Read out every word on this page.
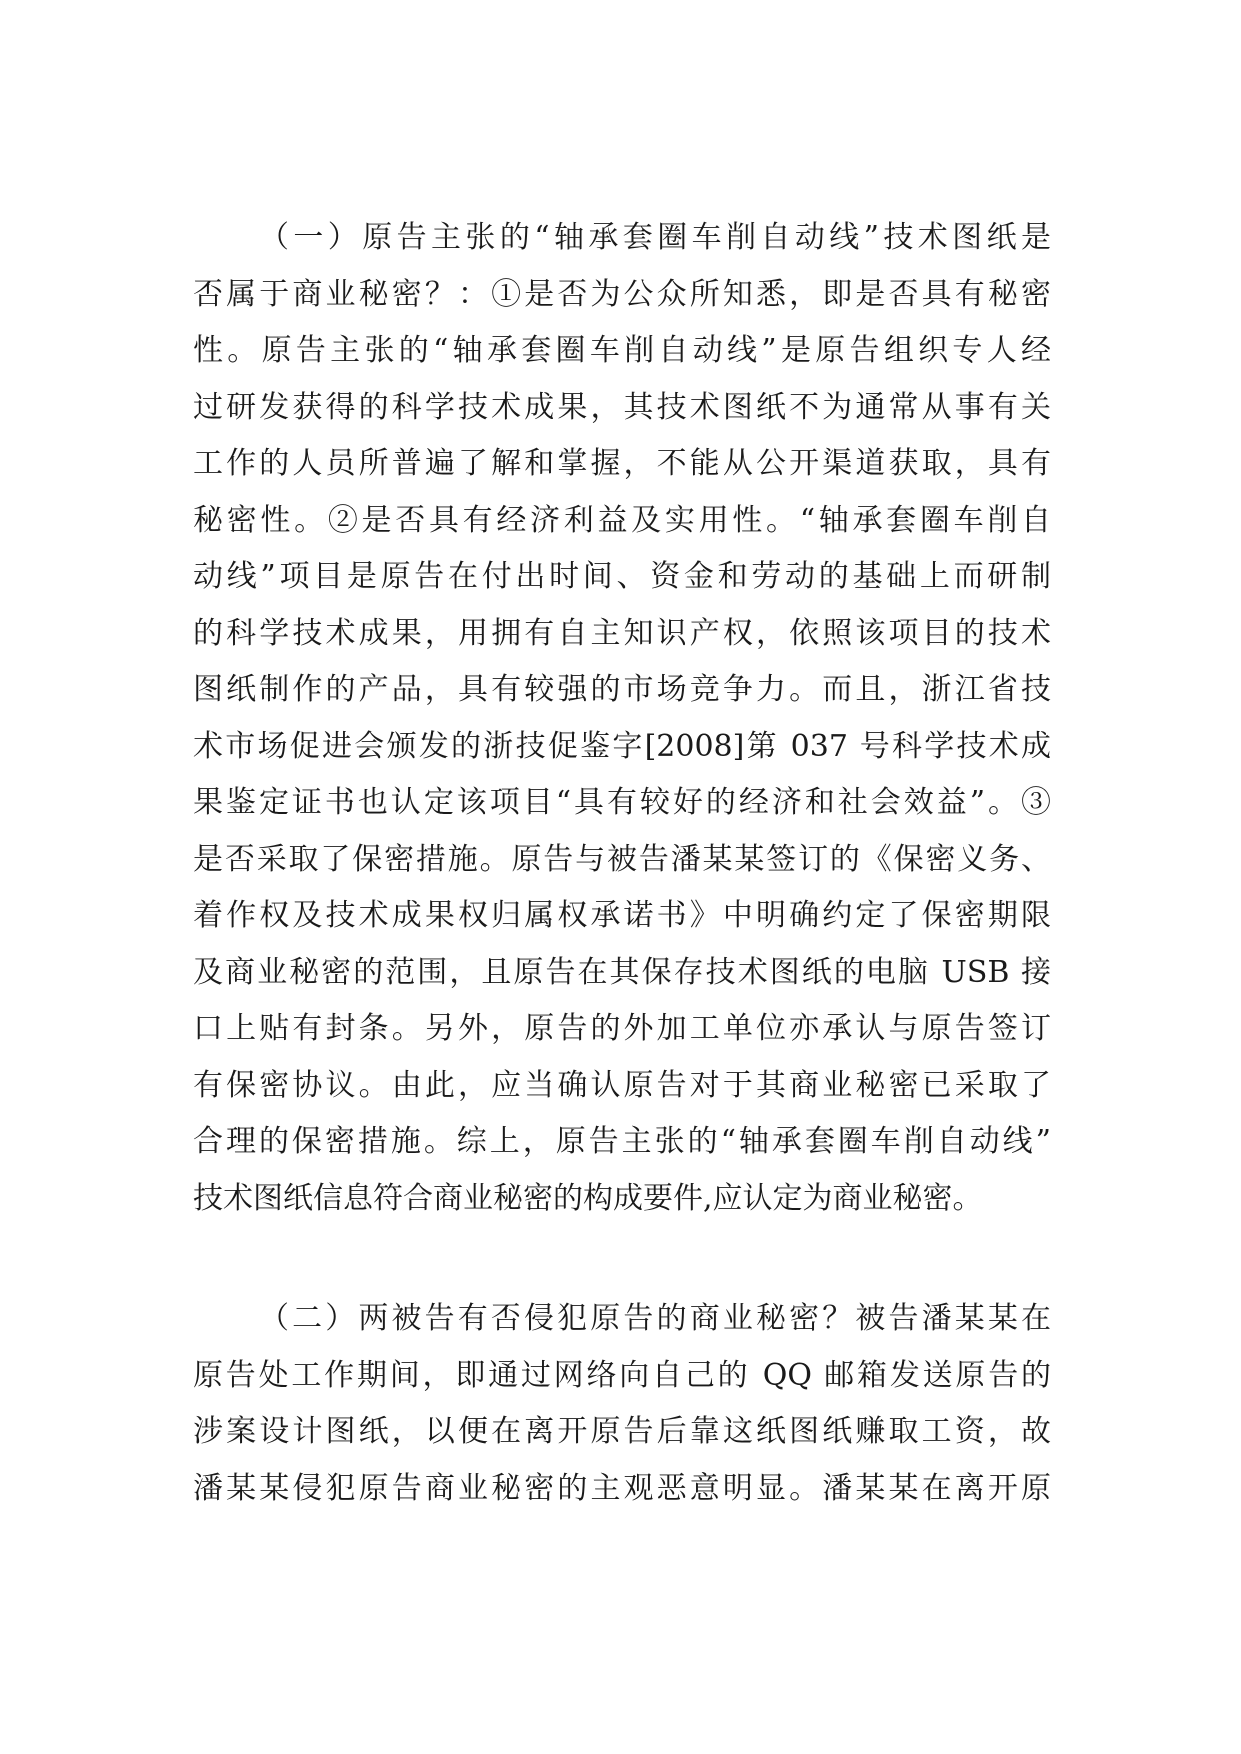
（一）原告主张的“轴承套圈车削自动线”技术图纸是
否属于商业秘密？：①是否为公众所知悉，即是否具有秘密
性。原告主张的“轴承套圈车削自动线”是原告组织专人经
过研发获得的科学技术成果，其技术图纸不为通常从事有关
工作的人员所普遍了解和掌握，不能从公开渠道获取，具有
秘密性。②是否具有经济利益及实用性。“轴承套圈车削自
动线”项目是原告在付出时间、资金和劳动的基础上而研制
的科学技术成果，用拥有自主知识产权，依照该项目的技术
图纸制作的产品，具有较强的市场竞争力。而且，浙江省技
术市场促进会颁发的浙技促鉴字[2008]第 037 号科学技术成
果鉴定证书也认定该项目“具有较好的经济和社会效益”。③
是否采取了保密措施。原告与被告潘某某签订的《保密义务、
着作权及技术成果权归属权承诺书》中明确约定了保密期限
及商业秘密的范围，且原告在其保存技术图纸的电脑 USB 接
口上贴有封条。另外，原告的外加工单位亦承认与原告签订
有保密协议。由此，应当确认原告对于其商业秘密已采取了
合理的保密措施。综上，原告主张的“轴承套圈车削自动线”
技术图纸信息符合商业秘密的构成要件,应认定为商业秘密。
（二）两被告有否侵犯原告的商业秘密？被告潘某某在
原告处工作期间，即通过网络向自己的 QQ 邮箱发送原告的
涉案设计图纸，以便在离开原告后靠这纸图纸赚取工资，故
潘某某侵犯原告商业秘密的主观恶意明显。潘某某在离开原
